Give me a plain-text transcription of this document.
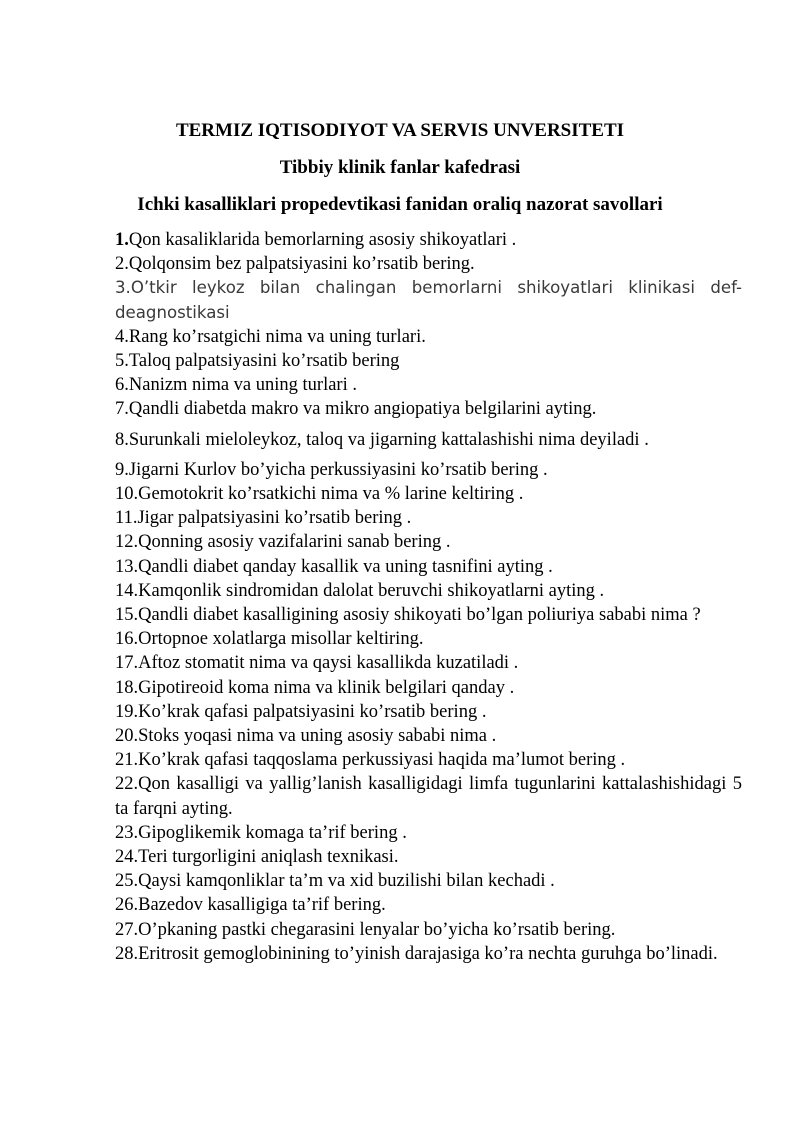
TERMIZ IQTISODIYOT VA SERVIS UNVERSITETI

Tibbiy klinik fanlar kafedrasi

Ichki kasalliklari propedevtikasi fanidan oraliq nazorat savollari

1.Qon kasaliklarida bemorlarning asosiy shikoyatlari .

2.Qolqonsim bez palpatsiyasini ko’rsatib bering.

3.O’tkir leykoz bilan chalingan bemorlarni shikoyatlari klinikasi def-deagnostikasi

4.Rang ko’rsatgichi nima va uning turlari.

5.Taloq palpatsiyasini ko’rsatib bering

6.Nanizm nima va uning turlari .

7.Qandli diabetda makro va mikro angiopatiya belgilarini ayting.

8.Surunkali mieloleykoz, taloq va jigarning kattalashishi nima deyiladi .

9.Jigarni Kurlov bo’yicha perkussiyasini ko’rsatib bering .

10.Gemotokrit ko’rsatkichi nima va % larine keltiring .

11.Jigar palpatsiyasini ko’rsatib bering .

12.Qonning asosiy vazifalarini sanab bering .

13.Qandli diabet qanday kasallik va uning tasnifini ayting .

14.Kamqonlik sindromidan dalolat beruvchi shikoyatlarni ayting .

15.Qandli diabet kasalligining asosiy shikoyati bo’lgan poliuriya sababi nima ?

16.Ortopnoe xolatlarga misollar keltiring.

17.Aftoz stomatit nima va qaysi kasallikda kuzatiladi .

18.Gipotireoid koma nima va klinik belgilari qanday .

19.Ko’krak qafasi palpatsiyasini ko’rsatib bering .

20.Stoks yoqasi nima va uning asosiy sababi nima .

21.Ko’krak qafasi taqqoslama perkussiyasi haqida ma’lumot bering .

22.Qon kasalligi va yallig’lanish kasalligidagi limfa tugunlarini kattalashishidagi 5 ta farqni ayting.

23.Gipoglikemik komaga ta’rif bering .

24.Teri turgorligini aniqlash texnikasi.

25.Qaysi kamqonliklar ta’m va xid buzilishi bilan kechadi .

26.Bazedov kasalligiga ta’rif bering.

27.O’pkaning pastki chegarasini lenyalar bo’yicha ko’rsatib bering.

28.Eritrosit gemoglobinining to’yinish darajasiga ko’ra nechta guruhga bo’linadi.
